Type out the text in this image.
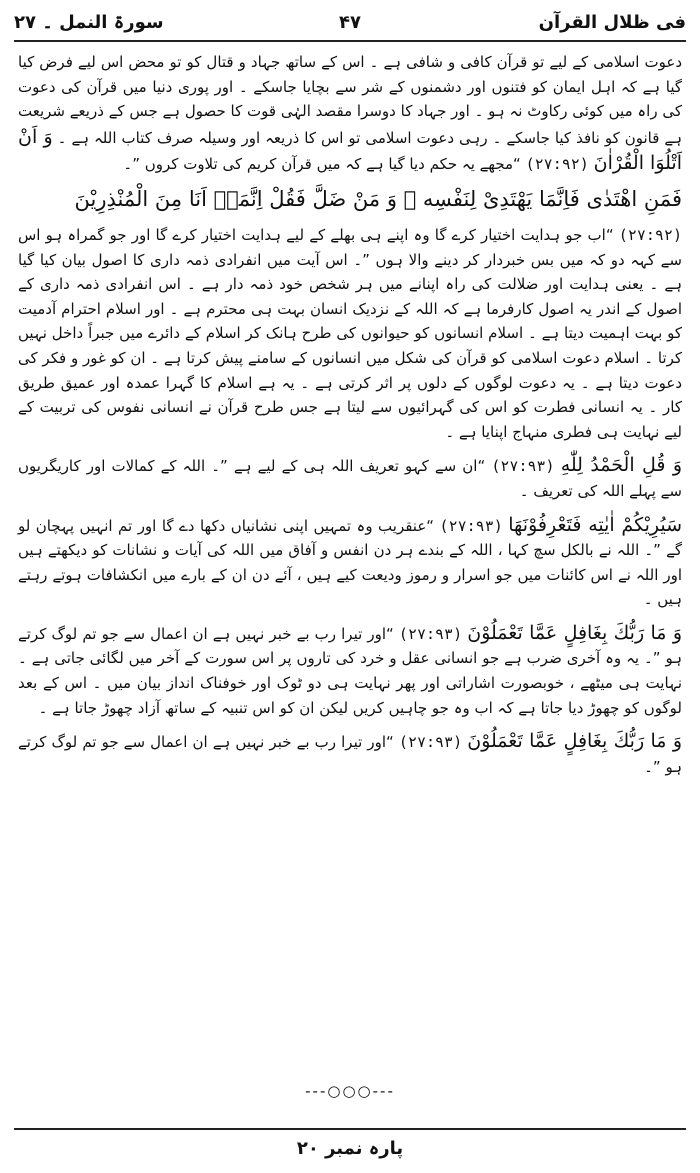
فی ظلال القرآن
۴۷
سورۃ النمل ۔ ۲۷

دعوت اسلامی کے لیے تو قرآن کافی و شافی ہے ۔ اس کے ساتھ جہاد و قتال کو تو محض اس لیے فرض کیا گیا ہے کہ اہل ایمان کو فتنوں اور دشمنوں کے شر سے بچایا جاسکے ۔ اور پوری دنیا میں قرآن کی دعوت کی راہ میں کوئی رکاوٹ نہ ہو ۔ اور جہاد کا دوسرا مقصد الہٰی قوت کا حصول ہے جس کے ذریعے شریعت ہے قانون کو نافذ کیا جاسکے ۔ رہی دعوت اسلامی تو اس کا ذریعہ اور وسیلہ صرف کتاب اللہ ہے ۔ وَ اَنْ اَتْلُوَا الْقُرْاٰنَ (۲۷:۹۲) “مجھے یہ حکم دیا گیا ہے کہ میں قرآن کریم کی تلاوت کروں ”۔

فَمَنِ اهْتَدٰى فَاِنَّمَا يَهْتَدِىْ لِنَفْسِه ۖ وَ مَنْ ضَلَّ فَقُلْ اِنَّمَاۤ اَنَا مِنَ الْمُنْذِرِيْنَ

(۲۷:۹۲) “اب جو ہدایت اختیار کرے گا وہ اپنے ہی بھلے کے لیے ہدایت اختیار کرے گا اور جو گمراہ ہو اس سے کہہ دو کہ میں بس خبردار کر دینے والا ہوں ”۔ اس آیت میں انفرادی ذمہ داری کا اصول بیان کیا گیا ہے ۔ یعنی ہدایت اور ضلالت کی راہ اپنانے میں ہر شخص خود ذمہ دار ہے ۔ اس انفرادی ذمہ داری کے اصول کے اندر یہ اصول کارفرما ہے کہ اللہ کے نزدیک انسان بہت ہی محترم ہے ۔ اور اسلام احترام آدمیت کو بہت اہمیت دیتا ہے ۔ اسلام انسانوں کو حیوانوں کی طرح ہانک کر اسلام کے دائرے میں جبراً داخل نہیں کرتا ۔ اسلام دعوت اسلامی کو قرآن کی شکل میں انسانوں کے سامنے پیش کرتا ہے ۔ ان کو غور و فکر کی دعوت دیتا ہے ۔ یہ دعوت لوگوں کے دلوں پر اثر کرتی ہے ۔ یہ ہے اسلام کا گہرا عمدہ اور عمیق طریق کار ۔ یہ انسانی فطرت کو اس کی گہرائیوں سے لیتا ہے جس طرح قرآن نے انسانی نفوس کی تربیت کے لیے نہایت ہی فطری منہاج اپنایا ہے ۔

وَ قُلِ الْحَمْدُ لِلّٰهِ (۲۷:۹۳) “ان سے کہو تعریف اللہ ہی کے لیے ہے ”۔ اللہ کے کمالات اور کاریگریوں سے پہلے اللہ کی تعریف ۔

سَيُرِيْكُمْ اٰيٰتِه فَتَعْرِفُوْنَهَا (۲۷:۹۳) “عنقریب وہ تمہیں اپنی نشانیاں دکھا دے گا اور تم انہیں پہچان لو گے ”۔ اللہ نے بالکل سچ کہا ، اللہ کے بندے ہر دن انفس و آفاق میں اللہ کی آیات و نشانات کو دیکھتے ہیں اور اللہ نے اس کائنات میں جو اسرار و رموز ودیعت کیے ہیں ، آئے دن ان کے بارے میں انکشافات ہوتے رہتے ہیں ۔

وَ مَا رَبُّكَ بِغَافِلٍ عَمَّا تَعْمَلُوْنَ (۲۷:۹۳) “اور تیرا رب بے خبر نہیں ہے ان اعمال سے جو تم لوگ کرتے ہو ”۔ یہ وہ آخری ضرب ہے جو انسانی عقل و خرد کی تاروں پر اس سورت کے آخر میں لگائی جاتی ہے ۔ نہایت ہی میٹھے ، خوبصورت اشاراتی اور پھر نہایت ہی دو ٹوک اور خوفناک انداز بیان میں ۔ اس کے بعد لوگوں کو چھوڑ دیا جاتا ہے کہ اب وہ جو چاہیں کریں لیکن ان کو اس تنبیہ کے ساتھ آزاد چھوڑ جاتا ہے ۔

وَ مَا رَبُّكَ بِغَافِلٍ عَمَّا تَعْمَلُوْنَ (۲۷:۹۳) “اور تیرا رب بے خبر نہیں ہے ان اعمال سے جو تم لوگ کرتے ہو ”۔

---○○○---
پارہ نمبر ۲۰
